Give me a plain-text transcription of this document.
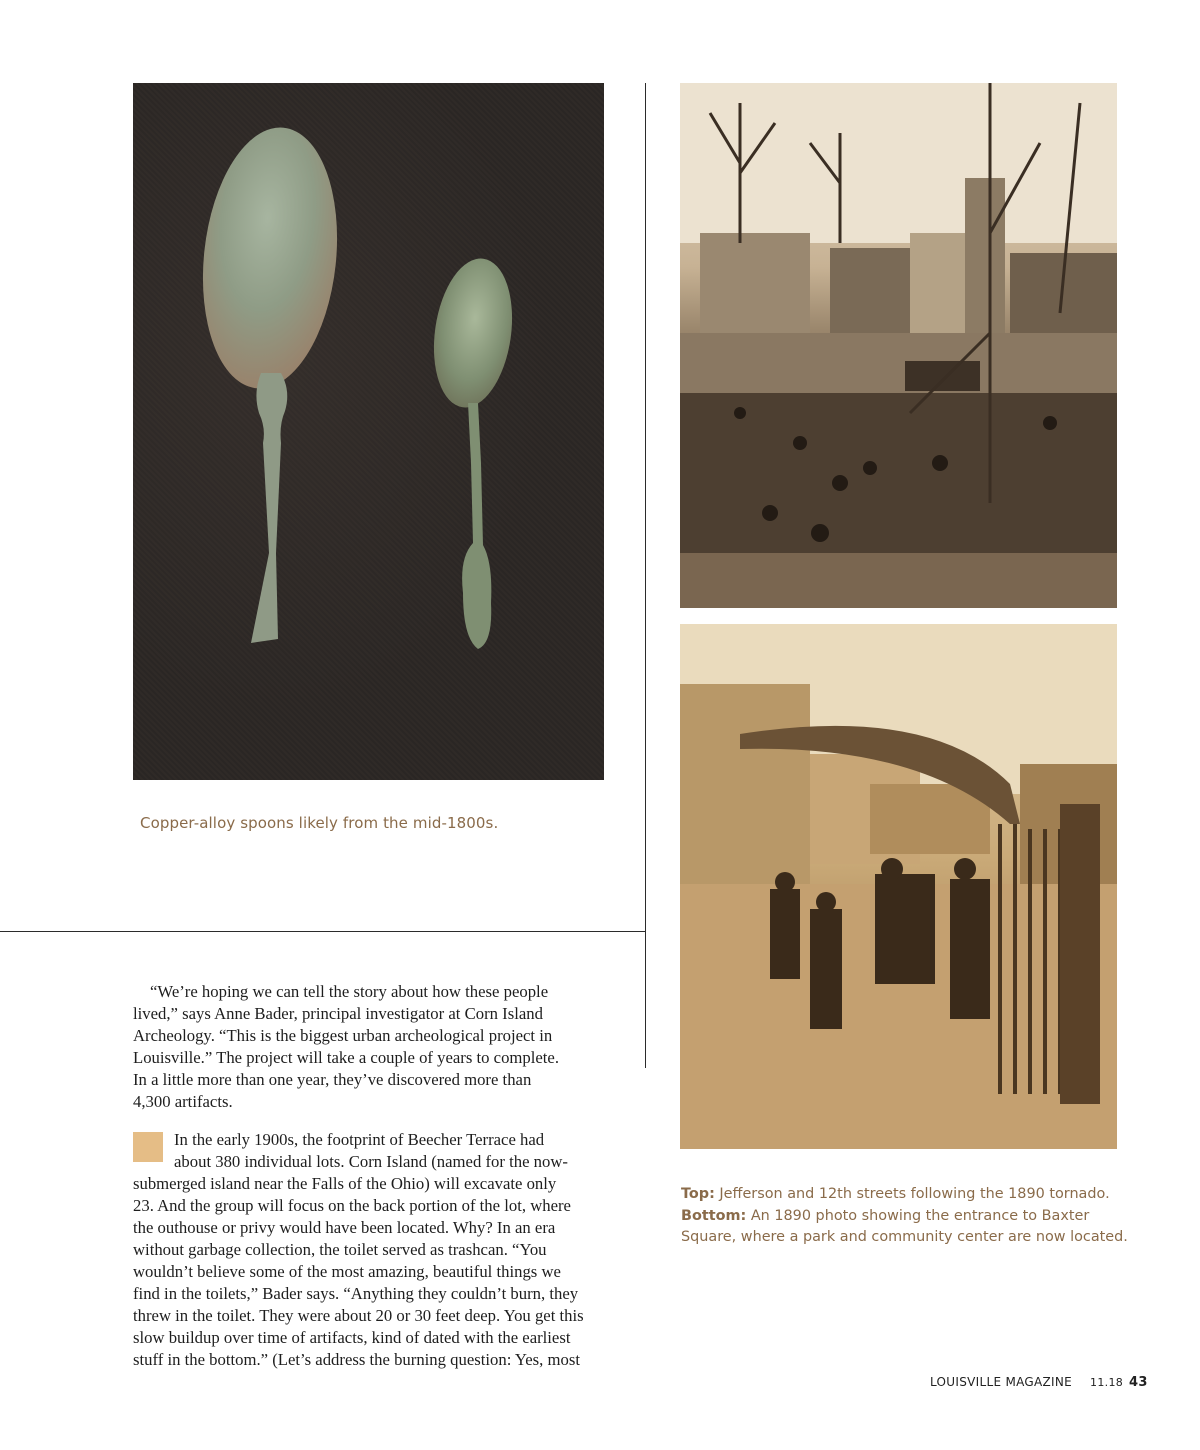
Copper-alloy spoons likely from the mid-1800s.
Top: Jefferson and 12th streets following the 1890 tornado.
Bottom: An 1890 photo showing the entrance to Baxter Square, where a park and community center are now located.
“We’re hoping we can tell the story about how these people
lived,” says Anne Bader, principal investigator at Corn Island
Archeology. “This is the biggest urban archeological project in
Louisville.” The project will take a couple of years to complete.
In a little more than one year, they’ve discovered more than
4,300 artifacts.
In the early 1900s, the footprint of Beecher Terrace had
about 380 individual lots. Corn Island (named for the now-
submerged island near the Falls of the Ohio) will excavate only
23. And the group will focus on the back portion of the lot, where
the outhouse or privy would have been located. Why? In an era
without garbage collection, the toilet served as trashcan. “You
wouldn’t believe some of the most amazing, beautiful things we
find in the toilets,” Bader says. “Anything they couldn’t burn, they
threw in the toilet. They were about 20 or 30 feet deep. You get this
slow buildup over time of artifacts, kind of dated with the earliest
stuff in the bottom.” (Let’s address the burning question: Yes, most
LOUISVILLE MAGAZINE 11.18 43
